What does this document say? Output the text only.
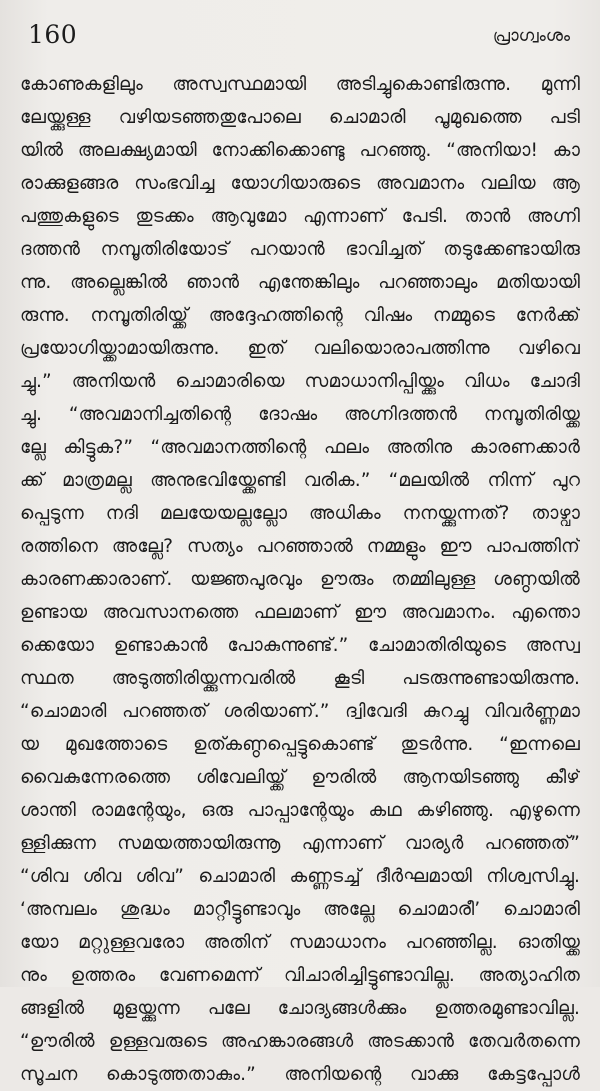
160	പ്രാഗ്വംശം
കോണുകളിലും അസ്വസ്ഥമായി അടിച്ചുകൊണ്ടിരുന്നു. മുന്നി
ലേയ്ക്കുള്ള വഴിയടഞ്ഞതുപോലെ ചൊമാരി പൂമുഖത്തെ പടി
യിൽ അലക്ഷ്യമായി നോക്കിക്കൊണ്ടു പറഞ്ഞു. “അനിയാ! കാ
രാക്കുളങ്ങര സംഭവിച്ച യോഗിയാരുടെ അവമാനം വലിയ ആ
പത്തുകളുടെ തുടക്കം ആവുമോ എന്നാണ് പേടി. താൻ അഗ്നി
ദത്തൻ നമ്പൂതിരിയോട് പറയാൻ ഭാവിച്ചത് തടുക്കേണ്ടായിരു
ന്നു. അല്ലെങ്കിൽ ഞാൻ എന്തേങ്കിലും പറഞ്ഞാലും മതിയായി
രുന്നു. നമ്പൂതിരിയ്ക്ക് അദ്ദേഹത്തിന്റെ വിഷം നമ്മുടെ നേർക്ക്
പ്രയോഗിയ്ക്കാമായിരുന്നു. ഇത് വലിയൊരാപത്തിന്നു വഴിവെ
ച്ചു.” അനിയൻ ചൊമാരിയെ സമാധാനിപ്പിയ്ക്കും വിധം ചോദി
ച്ചു. “അവമാനിച്ചതിന്റെ ദോഷം അഗ്നിദത്തൻ നമ്പൂതിരിയ്ക്ക
ല്ലേ കിട്ടുക?” “അവമാനത്തിന്റെ ഫലം അതിനു കാരണക്കാർ
ക്ക് മാത്രമല്ല അനുഭവിയ്ക്കേണ്ടി വരിക.” “മലയിൽ നിന്ന് പുറ
പ്പെടുന്ന നദി മലയേയല്ലല്ലോ അധികം നനയ്ക്കുന്നത്? താഴ്വാ
രത്തിനെ അല്ലേ? സത്യം പറഞ്ഞാൽ നമ്മളും ഈ പാപത്തിന്
കാരണക്കാരാണ്. യജ്ഞപുരവും ഊരും തമ്മിലുള്ള ശണ്ഠയിൽ
ഉണ്ടായ അവസാനത്തെ ഫലമാണ് ഈ അവമാനം. എന്തൊ
ക്കെയോ ഉണ്ടാകാൻ പോകുന്നുണ്ട്.” ചോമാതിരിയുടെ അസ്വ
സ്ഥത അടുത്തിരിയ്ക്കുന്നവരിൽ കൂടി പടരുന്നുണ്ടായിരുന്നു.
“ചൊമാരി പറഞ്ഞത് ശരിയാണ്.” ദ്വിവേദി കുറച്ചു വിവർണ്ണമാ
യ മുഖത്തോടെ ഉത്കണ്ഠപ്പെട്ടുകൊണ്ട് തുടർന്നു. “ഇന്നലെ
വൈകുന്നേരത്തെ ശിവേലിയ്ക്ക് ഊരിൽ ആനയിടഞ്ഞു കീഴ്
ശാന്തി രാമന്റേയും, ഒരു പാപ്പാന്റേയും കഥ കഴിഞ്ഞു. എഴുന്നെ
ള്ളിക്കുന്ന സമയത്തായിരുന്നൂ എന്നാണ് വാര്യർ പറഞ്ഞത്”
“ശിവ ശിവ ശിവ” ചൊമാരി കണ്ണടച്ച് ദീർഘമായി നിശ്വസിച്ചു.
‘അമ്പലം ശുദ്ധം മാറ്റീട്ടുണ്ടാവും അല്ലേ ചൊമാരീ’ ചൊമാരി
യോ മറ്റുള്ളവരോ അതിന് സമാധാനം പറഞ്ഞില്ല. ഓതിയ്ക്ക
നും ഉത്തരം വേണമെന്ന് വിചാരിച്ചിട്ടുണ്ടാവില്ല. അത്യാഹിത
ങ്ങളിൽ മുളയ്ക്കുന്ന പലേ ചോദ്യങ്ങൾക്കും ഉത്തരമുണ്ടാവില്ല.
“ഊരിൽ ഉള്ളവരുടെ അഹങ്കാരങ്ങൾ അടക്കാൻ തേവർതന്നെ
സൂചന കൊടുത്തതാകും.” അനിയന്റെ വാക്കു കേട്ടപ്പോൾ
